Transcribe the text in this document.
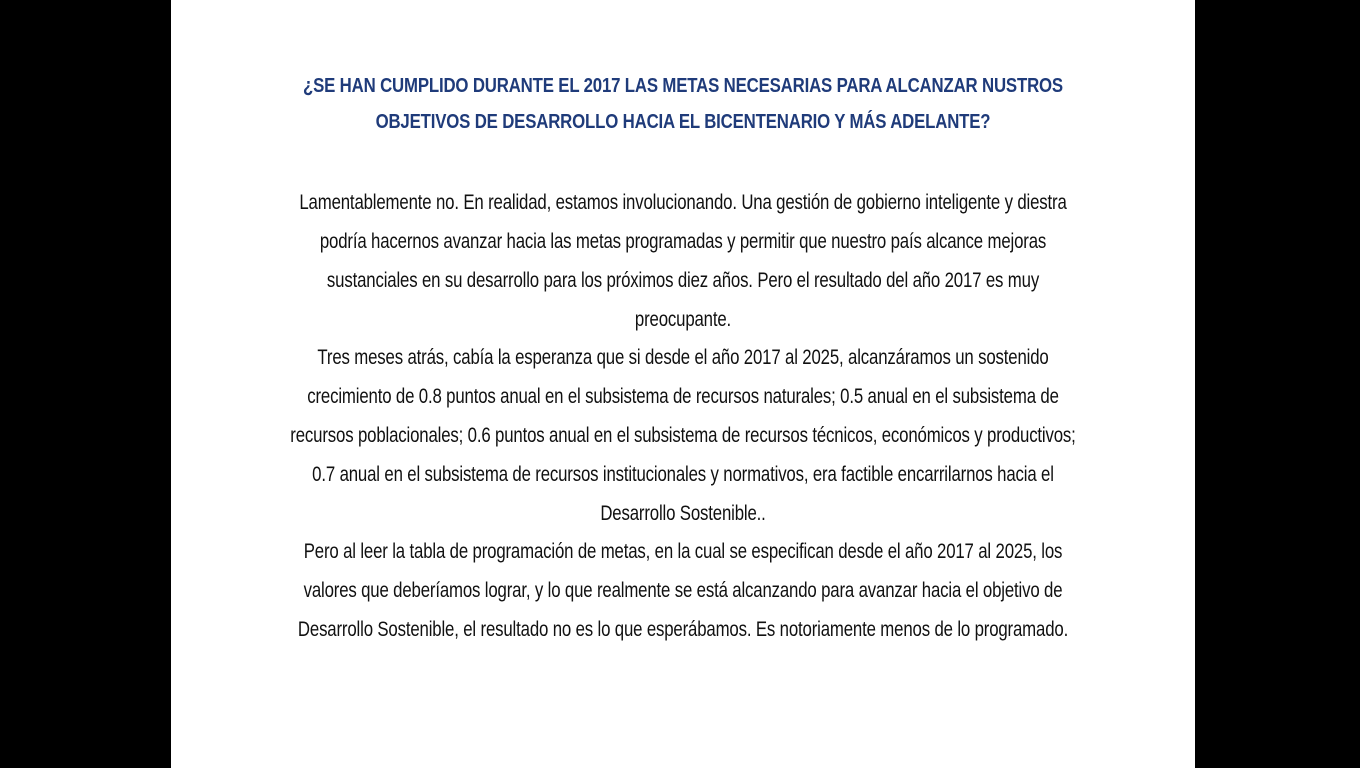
¿SE HAN CUMPLIDO DURANTE EL 2017 LAS METAS NECESARIAS PARA ALCANZAR NUSTROS OBJETIVOS DE DESARROLLO HACIA EL BICENTENARIO Y MÁS ADELANTE?

Lamentablemente no. En realidad, estamos involucionando. Una gestión de gobierno inteligente y diestra podría hacernos avanzar hacia las metas programadas y permitir que nuestro país alcance mejoras sustanciales en su desarrollo para los próximos diez años. Pero el resultado del año 2017 es muy preocupante.

Tres meses atrás, cabía la esperanza que si desde el año 2017 al 2025, alcanzáramos un sostenido crecimiento de 0.8 puntos anual en el subsistema de recursos naturales; 0.5 anual en el subsistema de recursos poblacionales; 0.6 puntos anual en el subsistema de recursos técnicos, económicos y productivos; 0.7 anual en el subsistema de recursos institucionales y normativos, era factible encarrilarnos hacia el Desarrollo Sostenible..

Pero al leer la tabla de programación de metas, en la cual se especifican desde el año 2017 al 2025, los valores que deberíamos lograr, y lo que realmente se está alcanzando para avanzar hacia el objetivo de Desarrollo Sostenible, el resultado no es lo que esperábamos. Es notoriamente menos de lo programado.
